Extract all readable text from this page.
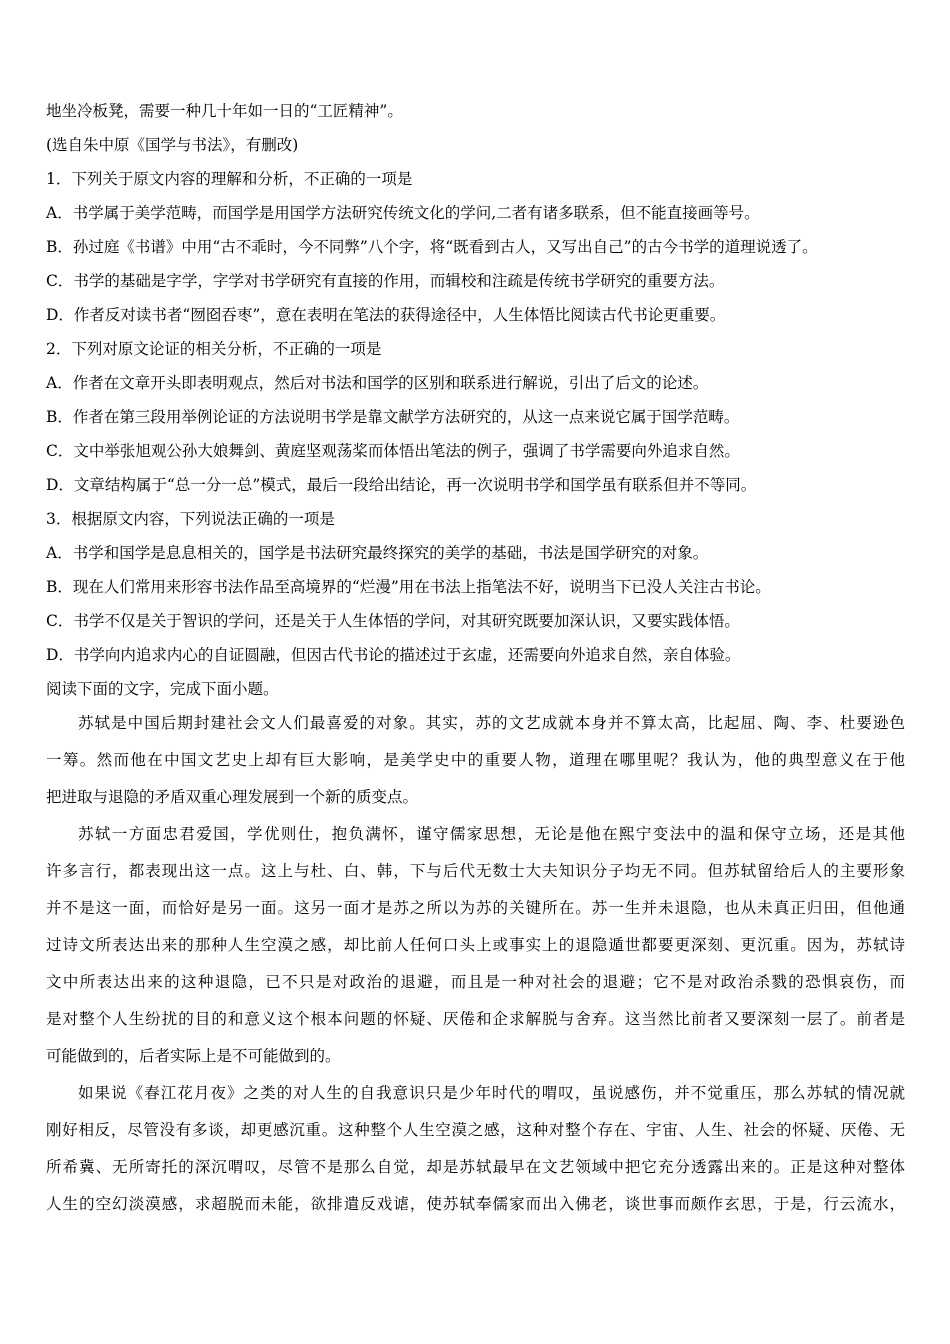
地坐冷板凳，需要一种几十年如一日的“工匠精神”。
(选自朱中原《国学与书法》，有删改)
1．下列关于原文内容的理解和分析，不正确的一项是
A．书学属于美学范畴，而国学是用国学方法研究传统文化的学问,二者有诸多联系，但不能直接画等号。
B．孙过庭《书谱》中用“古不乖时，今不同弊”八个字，将“既看到古人，又写出自己”的古今书学的道理说透了。
C．书学的基础是字学，字学对书学研究有直接的作用，而辑校和注疏是传统书学研究的重要方法。
D．作者反对读书者“囫囵吞枣”，意在表明在笔法的获得途径中，人生体悟比阅读古代书论更重要。
2．下列对原文论证的相关分析，不正确的一项是
A．作者在文章开头即表明观点，然后对书法和国学的区别和联系进行解说，引出了后文的论述。
B．作者在第三段用举例论证的方法说明书学是靠文献学方法研究的，从这一点来说它属于国学范畴。
C．文中举张旭观公孙大娘舞剑、黄庭坚观荡桨而体悟出笔法的例子，强调了书学需要向外追求自然。
D．文章结构属于“总一分一总”模式，最后一段给出结论，再一次说明书学和国学虽有联系但并不等同。
3．根据原文内容，下列说法正确的一项是
A．书学和国学是息息相关的，国学是书法研究最终探究的美学的基础，书法是国学研究的对象。
B．现在人们常用来形容书法作品至高境界的“烂漫”用在书法上指笔法不好，说明当下已没人关注古书论。
C．书学不仅是关于智识的学问，还是关于人生体悟的学问，对其研究既要加深认识，又要实践体悟。
D．书学向内追求内心的自证圆融，但因古代书论的描述过于玄虚，还需要向外追求自然，亲自体验。
阅读下面的文字，完成下面小题。
苏轼是中国后期封建社会文人们最喜爱的对象。其实，苏的文艺成就本身并不算太高，比起屈、陶、李、杜要逊色
一筹。然而他在中国文艺史上却有巨大影响，是美学史中的重要人物，道理在哪里呢？我认为，他的典型意义在于他
把进取与退隐的矛盾双重心理发展到一个新的质变点。
苏轼一方面忠君爱国，学优则仕，抱负满怀，谨守儒家思想，无论是他在熙宁变法中的温和保守立场，还是其他
许多言行，都表现出这一点。这上与杜、白、韩，下与后代无数士大夫知识分子均无不同。但苏轼留给后人的主要形象
并不是这一面，而恰好是另一面。这另一面才是苏之所以为苏的关键所在。苏一生并未退隐，也从未真正归田，但他通
过诗文所表达出来的那种人生空漠之感，却比前人任何口头上或事实上的退隐遁世都要更深刻、更沉重。因为，苏轼诗
文中所表达出来的这种退隐，已不只是对政治的退避，而且是一种对社会的退避；它不是对政治杀戮的恐惧哀伤，而
是对整个人生纷扰的目的和意义这个根本问题的怀疑、厌倦和企求解脱与舍弃。这当然比前者又要深刻一层了。前者是
可能做到的，后者实际上是不可能做到的。
如果说《春江花月夜》之类的对人生的自我意识只是少年时代的喟叹，虽说感伤，并不觉重压，那么苏轼的情况就
刚好相反，尽管没有多谈，却更感沉重。这种整个人生空漠之感，这种对整个存在、宇宙、人生、社会的怀疑、厌倦、无
所希冀、无所寄托的深沉喟叹，尽管不是那么自觉，却是苏轼最早在文艺领域中把它充分透露出来的。正是这种对整体
人生的空幻淡漠感，求超脱而未能，欲排遣反戏谑，使苏轼奉儒家而出入佛老，谈世事而颇作玄思，于是，行云流水，
